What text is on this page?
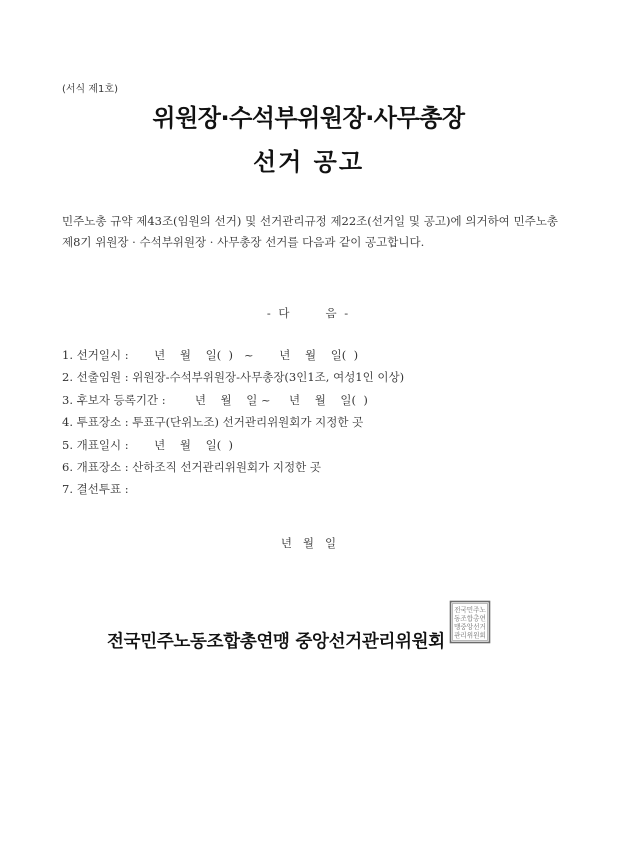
(서식 제1호)
위원장·수석부위원장·사무총장
선거 공고
민주노총 규약 제43조(임원의 선거) 및 선거관리규정 제22조(선거일 및 공고)에 의거하여 민주노총 제8기 위원장 · 수석부위원장 · 사무총장 선거를 다음과 같이 공고합니다.
- 다      음 -
1. 선거일시 :       년    월    일(  )   ~       년    월    일(  )
2. 선출임원 : 위원장-수석부위원장-사무총장(3인1조, 여성1인 이상)
3. 후보자 등록기간 :        년    월    일 ~     년    월    일(  )
4. 투표장소 : 투표구(단위노조) 선거관리위원회가 지정한 곳
5. 개표일시 :       년    월    일(  )
6. 개표장소 : 산하조직 선거관리위원회가 지정한 곳
7. 결선투표 :
년   월   일
전국민주노동조합총연맹 중앙선거관리위원회
전국민주노
동조합총연
맹중앙선거
관리위원회
